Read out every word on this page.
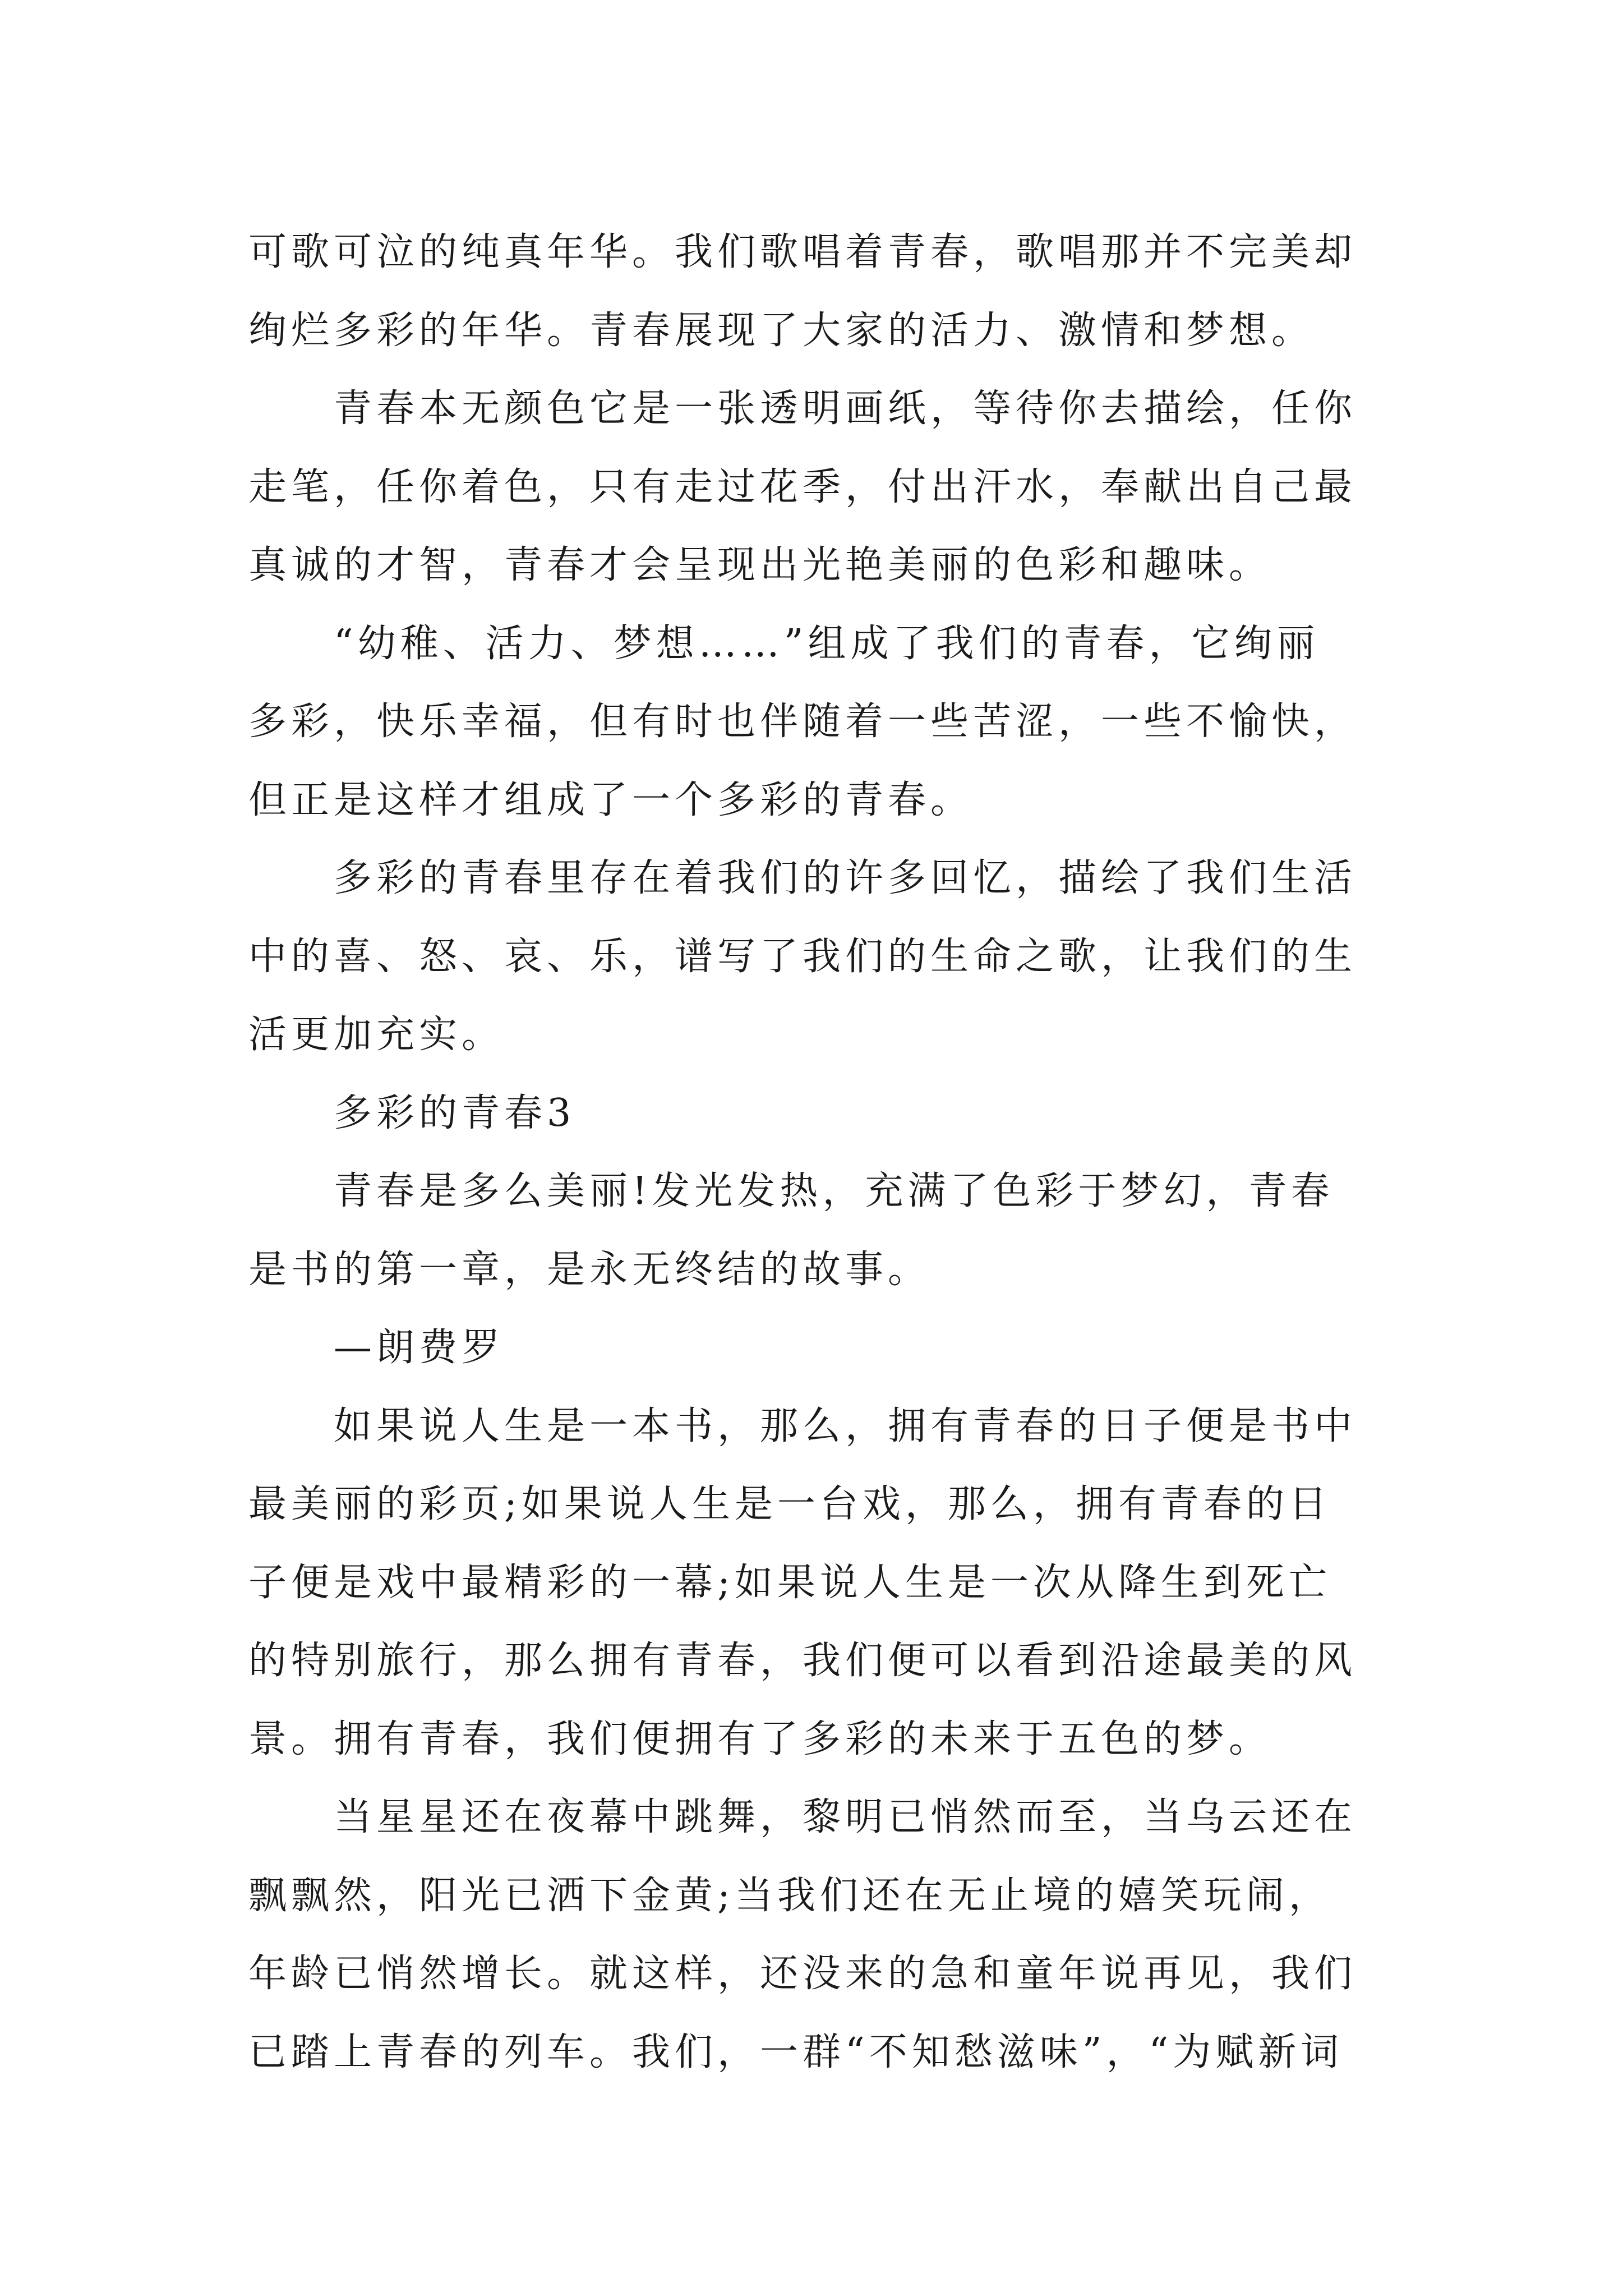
可歌可泣的纯真年华。我们歌唱着青春，歌唱那并不完美却
绚烂多彩的年华。青春展现了大家的活力、激情和梦想。
青春本无颜色它是一张透明画纸，等待你去描绘，任你
走笔，任你着色，只有走过花季，付出汗水，奉献出自己最
真诚的才智，青春才会呈现出光艳美丽的色彩和趣味。
“幼稚、活力、梦想……”组成了我们的青春，它绚丽
多彩，快乐幸福，但有时也伴随着一些苦涩，一些不愉快，
但正是这样才组成了一个多彩的青春。
多彩的青春里存在着我们的许多回忆，描绘了我们生活
中的喜、怒、哀、乐，谱写了我们的生命之歌，让我们的生
活更加充实。
多彩的青春3
青春是多么美丽!发光发热，充满了色彩于梦幻，青春
是书的第一章，是永无终结的故事。
—朗费罗
如果说人生是一本书，那么，拥有青春的日子便是书中
最美丽的彩页;如果说人生是一台戏，那么，拥有青春的日
子便是戏中最精彩的一幕;如果说人生是一次从降生到死亡
的特别旅行，那么拥有青春，我们便可以看到沿途最美的风
景。拥有青春，我们便拥有了多彩的未来于五色的梦。
当星星还在夜幕中跳舞，黎明已悄然而至，当乌云还在
飘飘然，阳光已洒下金黄;当我们还在无止境的嬉笑玩闹，
年龄已悄然增长。就这样，还没来的急和童年说再见，我们
已踏上青春的列车。我们，一群“不知愁滋味”，“为赋新词
